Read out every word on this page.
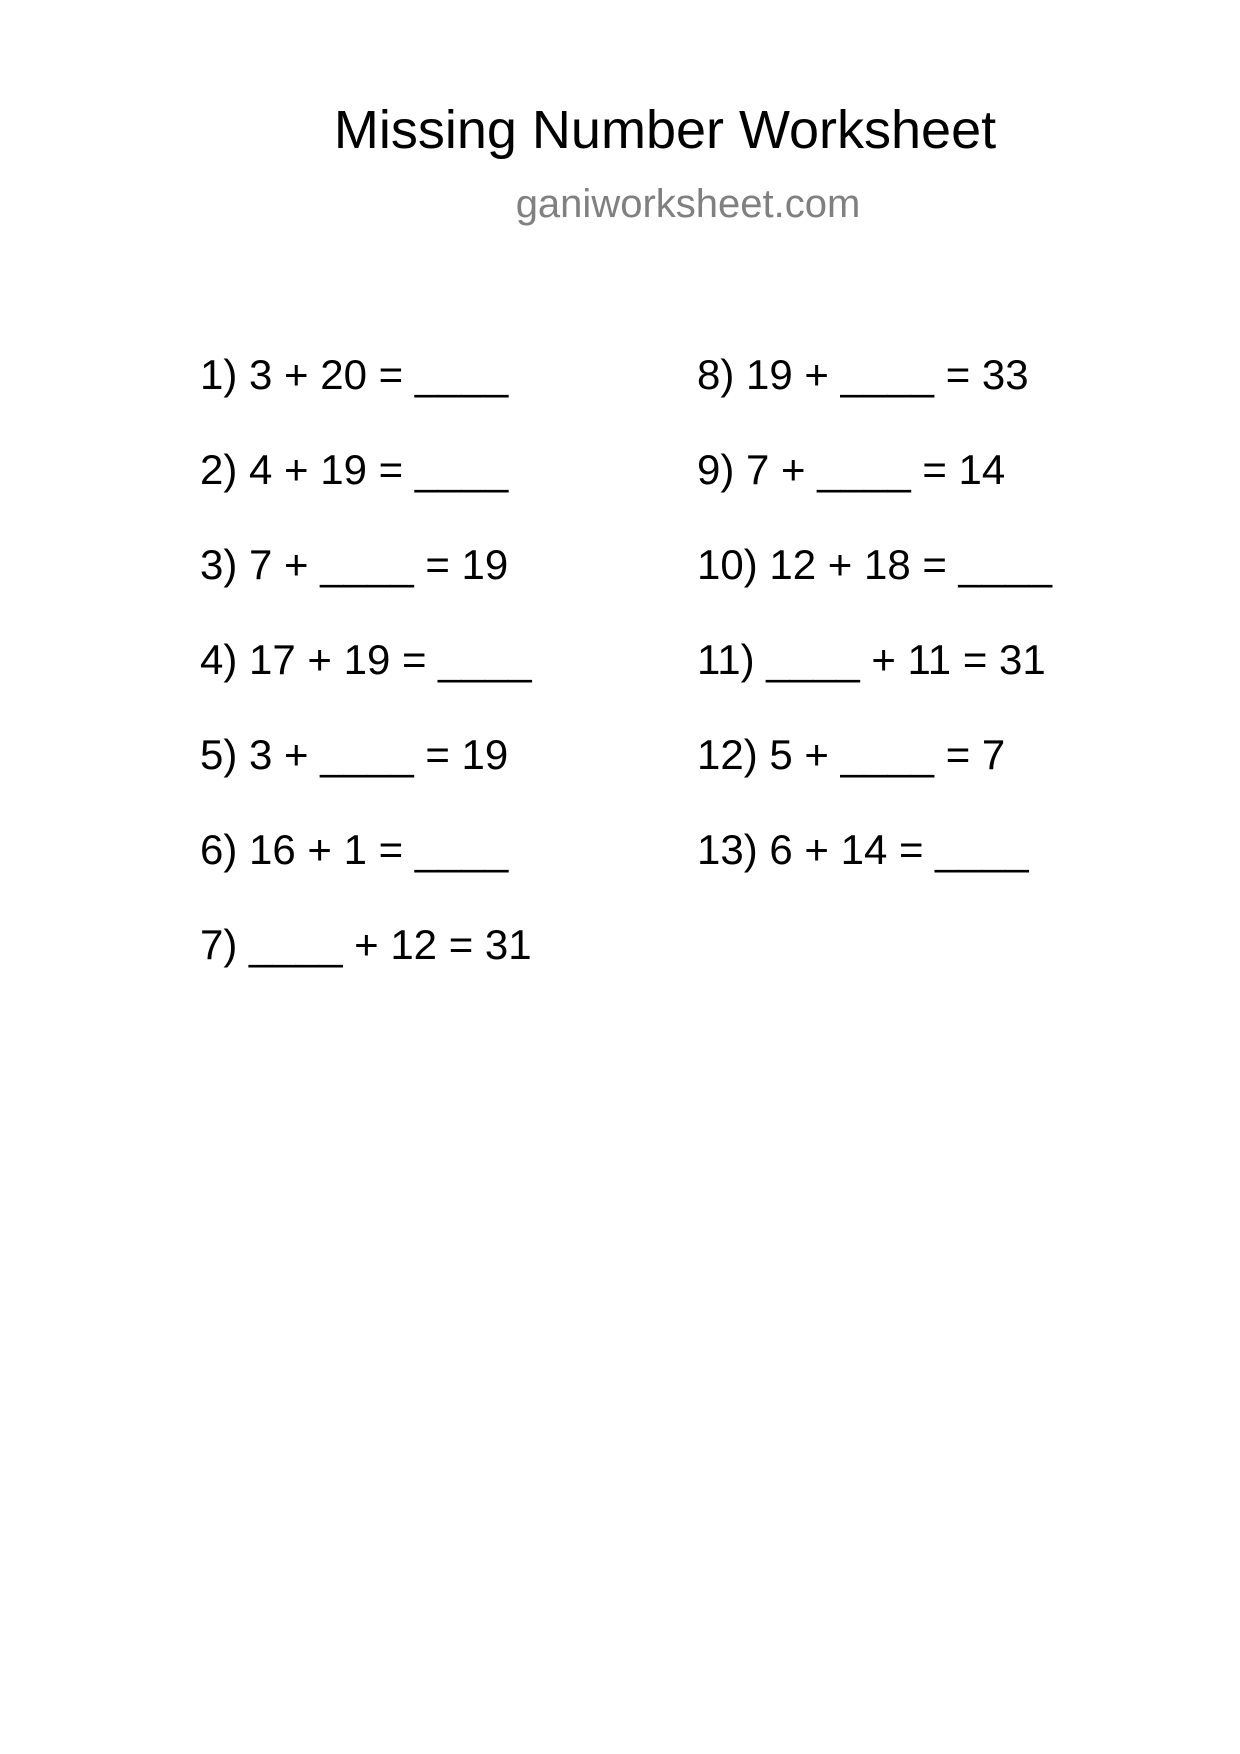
Missing Number Worksheet
ganiworksheet.com
1) 3 + 20 = ____
2) 4 + 19 = ____
3) 7 + ____ = 19
4) 17 + 19 = ____
5) 3 + ____ = 19
6) 16 + 1 = ____
7) ____ + 12 = 31
8) 19 + ____ = 33
9) 7 + ____ = 14
10) 12 + 18 = ____
11) ____ + 11 = 31
12) 5 + ____ = 7
13) 6 + 14 = ____
